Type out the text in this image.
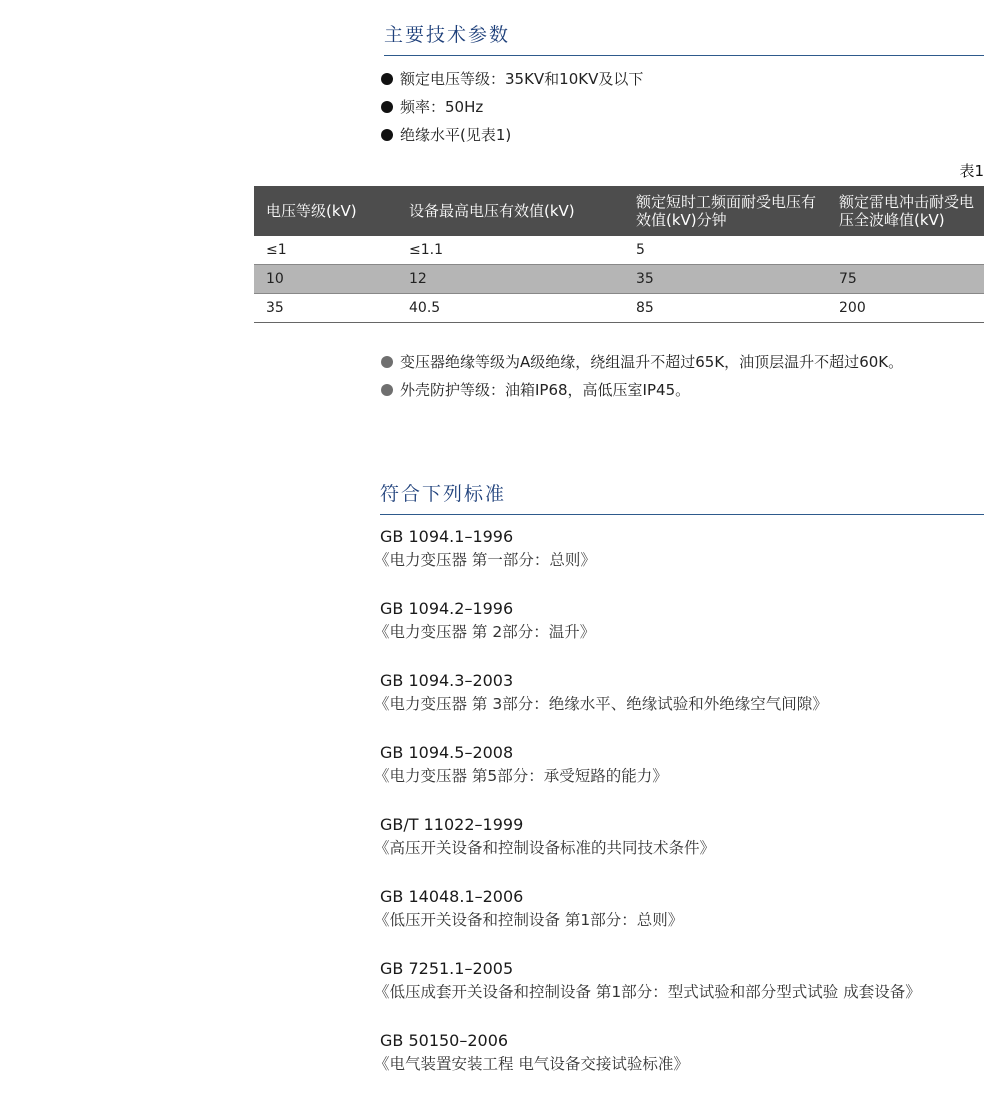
主要技术参数
额定电压等级：35KV和10KV及以下
频率：50Hz
绝缘水平(见表1)
表1
电压等级(kV)	设备最高电压有效值(kV)	额定短时工频面耐受电压有效值(kV)分钟	额定雷电冲击耐受电压全波峰值(kV)
≤1	≤1.1	5	
10	12	35	75
35	40.5	85	200
变压器绝缘等级为A级绝缘，绕组温升不超过65K，油顶层温升不超过60K。
外壳防护等级：油箱IP68，高低压室IP45。
符合下列标准
GB 1094.1–1996
《电力变压器 第一部分：总则》
GB 1094.2–1996
《电力变压器 第 2部分：温升》
GB 1094.3–2003
《电力变压器 第 3部分：绝缘水平、绝缘试验和外绝缘空气间隙》
GB 1094.5–2008
《电力变压器 第5部分：承受短路的能力》
GB/T 11022–1999
《高压开关设备和控制设备标准的共同技术条件》
GB 14048.1–2006
《低压开关设备和控制设备 第1部分：总则》
GB 7251.1–2005
《低压成套开关设备和控制设备 第1部分：型式试验和部分型式试验 成套设备》
GB 50150–2006
《电气装置安装工程 电气设备交接试验标准》
